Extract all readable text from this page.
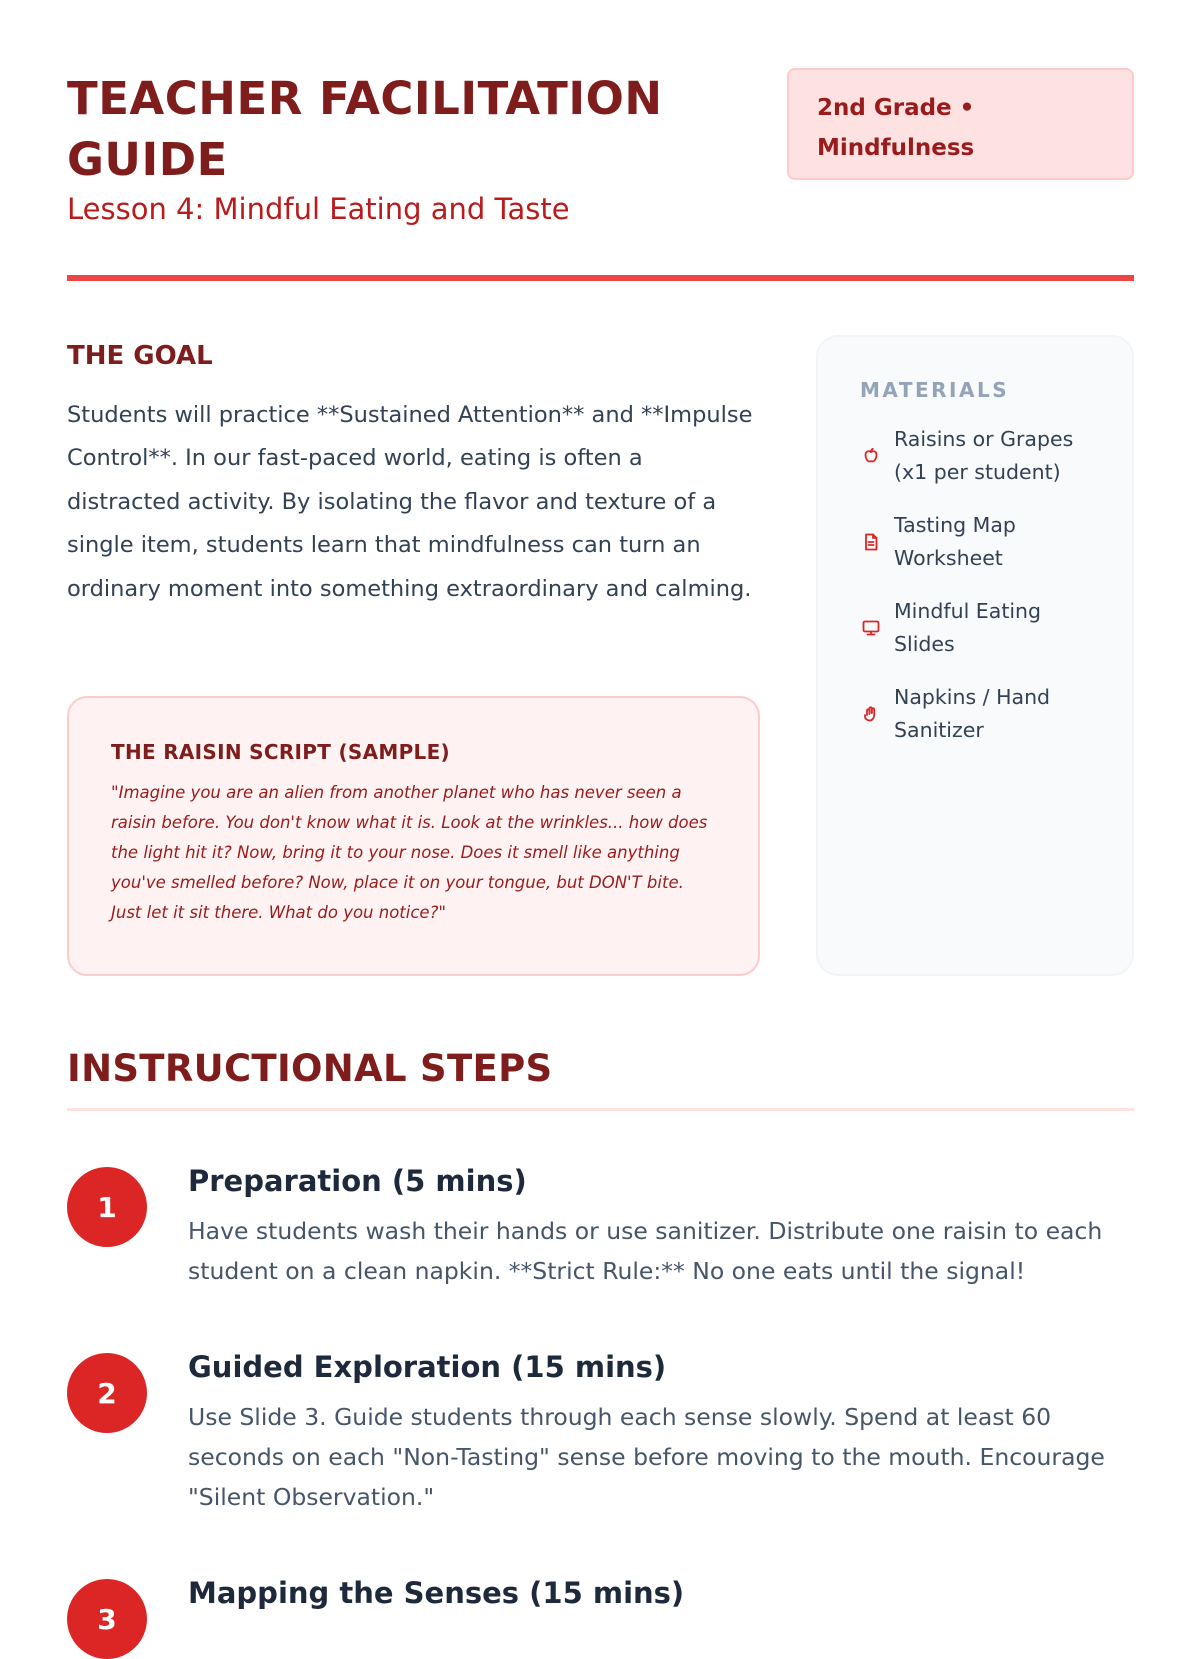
TEACHER FACILITATION GUIDE
Lesson 4: Mindful Eating and Taste
2nd Grade • Mindfulness
THE GOAL

Students will practice **Sustained Attention** and **Impulse Control**. In our fast-paced world, eating is often a distracted activity. By isolating the flavor and texture of a single item, students learn that mindfulness can turn an ordinary moment into something extraordinary and calming.

THE RAISIN SCRIPT (SAMPLE)

"Imagine you are an alien from another planet who has never seen a raisin before. You don't know what it is. Look at the wrinkles... how does the light hit it? Now, bring it to your nose. Does it smell like anything you've smelled before? Now, place it on your tongue, but DON'T bite. Just let it sit there. What do you notice?"

MATERIALS
Raisins or Grapes (x1 per student)
Tasting Map Worksheet
Mindful Eating Slides
Napkins / Hand Sanitizer
INSTRUCTIONAL STEPS
1
Preparation (5 mins)

Have students wash their hands or use sanitizer. Distribute one raisin to each student on a clean napkin. **Strict Rule:** No one eats until the signal!

2
Guided Exploration (15 mins)

Use Slide 3. Guide students through each sense slowly. Spend at least 60 seconds on each "Non-Tasting" sense before moving to the mouth. Encourage "Silent Observation."

3
Mapping the Senses (15 mins)
